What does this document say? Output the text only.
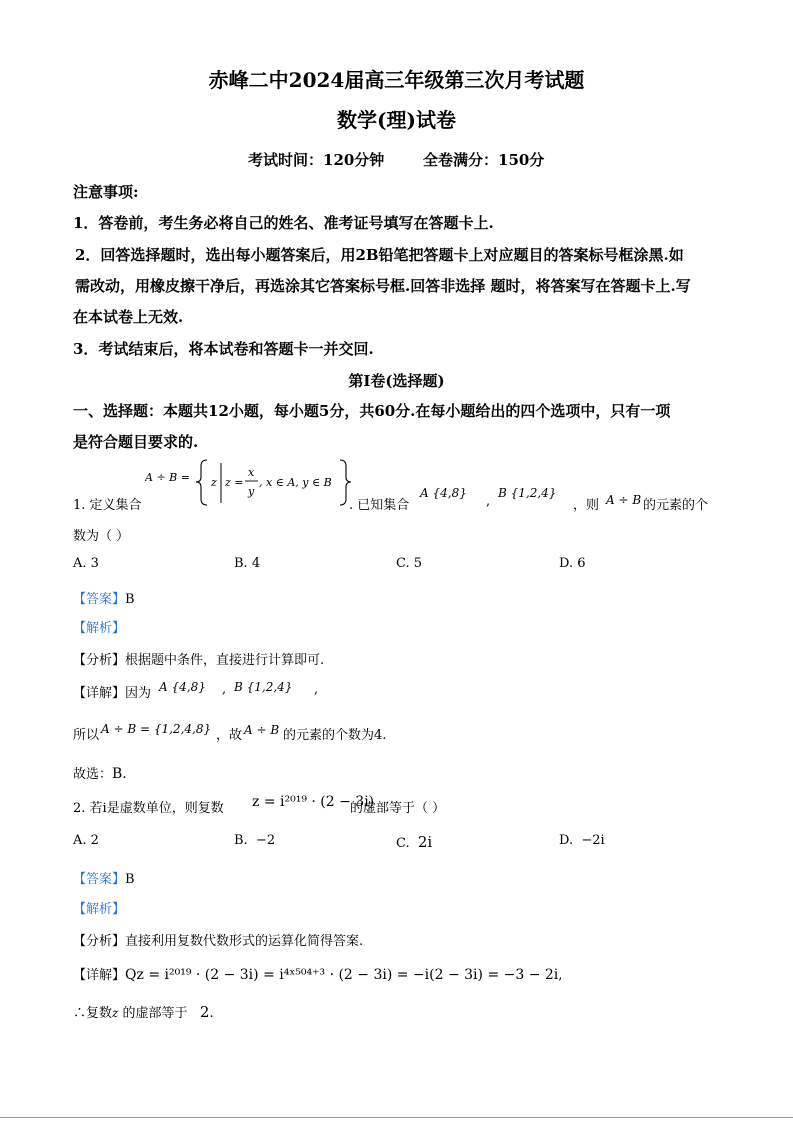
赤峰二中2024届高三年级第三次月考试题
数学(理)试卷
考试时间：120分钟	全卷满分：150分
注意事项:
1．答卷前，考生务必将自己的姓名、准考证号填写在答题卡上.
2．回答选择题时，选出每小题答案后，用2B铅笔把答题卡上对应题目的答案标号框涂黑.如
需改动，用橡皮擦干净后，再选涂其它答案标号框.回答非选择 题时，将答案写在答题卡上.写
在本试卷上无效.
3．考试结束后，将本试卷和答题卡一并交回.
第Ⅰ卷(选择题)
一、选择题：本题共12小题，每小题5分，共60分.在每小题给出的四个选项中，只有一项
是符合题目要求的.
1. 定义集合
A ÷ B = z z =
x
y
, x ∈ A, y ∈ B
. 已知集合
A {4,8}
,
B {1,2,4}
，则 A ÷ B 的元素的个
数为（ ）
A. 3	B. 4	C. 5	D. 6
【答案】B
【解析】
【分析】根据题中条件，直接进行计算即可.
【详解】因为 A {4,8} , B {1,2,4} ,
所以 A ÷ B = {1,2,4,8} ，故 A ÷ B 的元素的个数为4.
故选：B.
2. 若i是虚数单位，则复数 z = i²⁰¹⁹ · (2 − 3i)
的虚部等于（ ）
A. 2	B. −2	C. 2i	D. −2i
【答案】B
【解析】
【分析】直接利用复数代数形式的运算化简得答案.
【详解】Qz = i²⁰¹⁹ · (2 − 3i) = i⁴ˣ⁵⁰⁴⁺³ · (2 − 3i) = −i(2 − 3i) = −3 − 2i,
∴复数z 的虚部等于 2.
